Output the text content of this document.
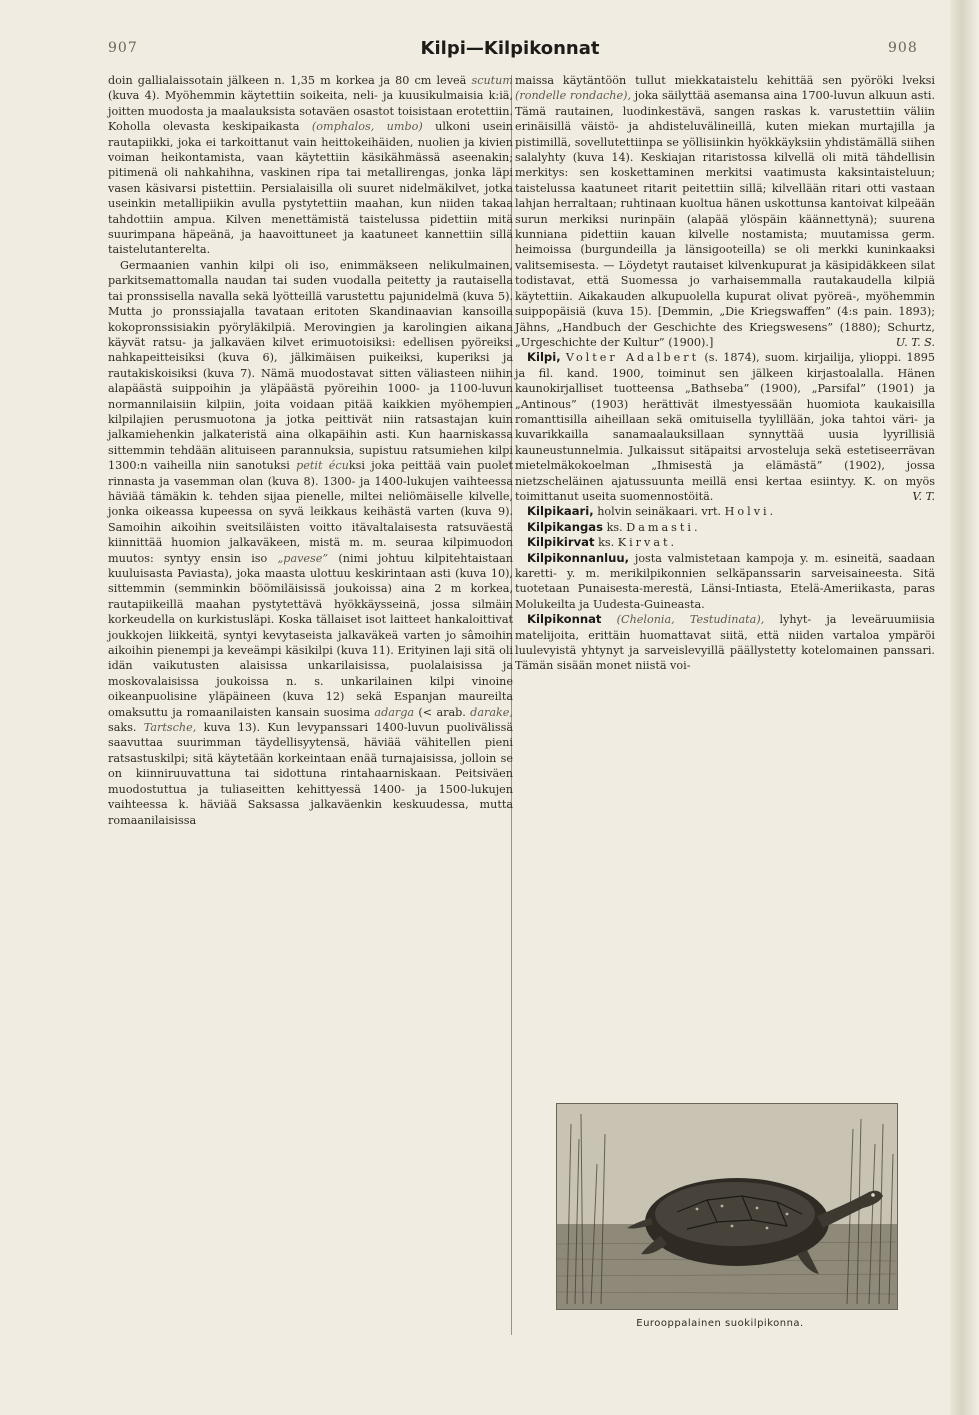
907	Kilpi—Kilpikonnat	908

doin gallialaissotain jälkeen n. 1,35 m korkea ja 80 cm leveä scutum (kuva 4). Myöhemmin käytettiin soikeita, neli- ja kuusikulmaisia k:iä, joitten muodosta ja maalauksista sotaväen osastot toisistaan erotettiin. Koholla olevasta keskipaikasta (omphalos, umbo) ulkoni usein rautapiikki, joka ei tarkoittanut vain heittokeihäiden, nuolien ja kivien voiman heikontamista, vaan käytettiin käsikähmässä aseenakin; pitimenä oli nahkahihna, vaskinen ripa tai metallirengas, jonka läpi vasen käsivarsi pistettiin. Persialaisilla oli suuret nidelmäkilvet, jotka useinkin metallipiikin avulla pystytettiin maahan, kun niiden takaa tahdottiin ampua. Kilven menettämistä taistelussa pidettiin mitä suurimpana häpeänä, ja haavoittuneet ja kaatuneet kannettiin sillä taistelutanterelta.

Germaanien vanhin kilpi oli iso, enimmäkseen nelikulmainen, parkitsemattomalla naudan tai suden vuodalla peitetty ja rautaisella tai pronssisella navalla sekä lyötteillä varustettu pajunidelmä (kuva 5). Mutta jo pronssiajalla tavataan eritoten Skandinaavian kansoilla kokopronssisiakin pyöryläkilpiä. Merovingien ja karolingien aikana käyvät ratsu- ja jalkaväen kilvet erimuotoisiksi: edellisen pyöreiksi nahkapeitteisiksi (kuva 6), jälkimäisen puikeiksi, kuperiksi ja rautakiskoisiksi (kuva 7). Nämä muodostavat sitten väliasteen niihin alapäästä suippoihin ja yläpäästä pyöreihin 1000- ja 1100-luvun normannilaisiin kilpiin, joita voidaan pitää kaikkien myöhempien kilpilajien perusmuotona ja jotka peittivät niin ratsastajan kuin jalkamiehenkin jalkateristä aina olkapäihin asti. Kun haarniskassa sittemmin tehdään alituiseen parannuksia, supistuu ratsumiehen kilpi 1300:n vaiheilla niin sanotuksi petit écuksi joka peittää vain puolet rinnasta ja vasemman olan (kuva 8). 1300- ja 1400-lukujen vaihteessa häviää tämäkin k. tehden sijaa pienelle, miltei neliömäiselle kilvelle, jonka oikeassa kupeessa on syvä leikkaus keihästä varten (kuva 9). Samoihin aikoihin sveitsiläisten voitto itävaltalaisesta ratsuväestä kiinnittää huomion jalkaväkeen, mistä m. m. seuraa kilpimuodon muutos: syntyy ensin iso „pavese” (nimi johtuu kilpitehtaistaan kuuluisasta Paviasta), joka maasta ulottuu keskirintaan asti (kuva 10), sittemmin (semminkin böömiläisissä joukoissa) aina 2 m korkea, rautapiikeillä maahan pystytettävä hyökkäysseinä, jossa silmäin korkeudella on kurkistusläpi. Koska tällaiset isot laitteet hankaloittivat joukkojen liikkeitä, syntyi kevytaseista jalkaväkeä varten jo sâmoihin aikoihin pienempi ja keveämpi käsikilpi (kuva 11). Erityinen laji sitä oli idän vaikutusten alaisissa unkarilaisissa, puolalaisissa ja moskovalaisissa joukoissa n. s. unkarilainen kilpi vinoine oikeanpuolisine yläpäineen (kuva 12) sekä Espanjan maureilta omaksuttu ja romaanilaisten kansain suosima adarga (< arab. darake, saks. Tartsche, kuva 13). Kun levypanssari 1400-luvun puolivälissä saavuttaa suurimman täydellisyytensä, häviää vähitellen pieni ratsastuskilpi; sitä käytetään korkeintaan enää turnajaisissa, jolloin se on kiinniruuvattuna tai sidottuna rintahaarniskaan. Peitsiväen muodostuttua ja tuliaseitten kehittyessä 1400- ja 1500-lukujen vaihteessa k. häviää Saksassa jalkaväenkin keskuudessa, mutta romaanilaisissa

maissa käytäntöön tullut miekkataistelu kehittää sen pyöröki lveksi (rondelle rondache), joka säilyttää asemansa aina 1700-luvun alkuun asti. Tämä rautainen, luodinkestävä, sangen raskas k. varustettiin väliin erinäisillä väistö- ja ahdisteluvälineillä, kuten miekan murtajilla ja pistimillä, sovellutettiinpa se yöllisiinkin hyökkäyksiin yhdistämällä siihen salalyhty (kuva 14). Keskiajan ritaristossa kilvellä oli mitä tähdellisin merkitys: sen koskettaminen merkitsi vaatimusta kaksintaisteluun; taistelussa kaatuneet ritarit peitettiin sillä; kilvellään ritari otti vastaan lahjan herraltaan; ruhtinaan kuoltua hänen uskottunsa kantoivat kilpeään surun merkiksi nurinpäin (alapää ylöspäin käännettynä); suurena kunniana pidettiin kauan kilvelle nostamista; muutamissa germ. heimoissa (burgundeilla ja länsigooteilla) se oli merkki kuninkaaksi valitsemisesta. — Löydetyt rautaiset kilvenkupurat ja käsipidäkkeen silat todistavat, että Suomessa jo varhaisemmalla rautakaudella kilpiä käytettiin. Aikakauden alkupuolella kupurat olivat pyöreä-, myöhemmin suippopäisiä (kuva 15). [Demmin, „Die Kriegswaffen” (4:s pain. 1893); Jähns, „Handbuch der Geschichte des Kriegswesens” (1880); Schurtz, „Urgeschichte der Kultur” (1900).]	U. T. S.

Kilpi, Volter Adalbert (s. 1874), suom. kirjailija, ylioppi. 1895 ja fil. kand. 1900, toiminut sen jälkeen kirjastoalalla. Hänen kaunokirjalliset tuotteensa „Bathseba” (1900), „Parsifal” (1901) ja „Antinous” (1903) herättivät ilmestyessään huomiota kaukaisilla romanttisilla aiheillaan sekä omituisella tyylillään, joka tahtoi väri- ja kuvarikkailla sanamaalauksillaan synnyttää uusia lyyrillisiä kauneustunnelmia. Julkaissut sitäpaitsi arvosteluja sekä estetiseerrävan mietelmäkokoelman „Ihmisestä ja elämästä” (1902), jossa nietzscheläinen ajatussuunta meillä ensi kertaa esiintyy. K. on myös toimittanut useita suomennostöitä.	V. T.

Kilpikaari, holvin seinäkaari. vrt. Holvi.

Kilpikangas ks. Damasti.

Kilpikirvat ks. Kirvat.

Kilpikonnanluu, josta valmistetaan kampoja y. m. esineitä, saadaan karetti- y. m. merikilpikonnien selkäpanssarin sarveisaineesta. Sitä tuotetaan Punaisesta-merestä, Länsi-Intiasta, Etelä-Ameriikasta, paras Molukeilta ja Uudesta-Guineasta.

Kilpikonnat (Chelonia, Testudinata), lyhyt- ja leveäruumiisia matelijoita, erittäin huomattavat siitä, että niiden vartaloa ympäröi luulevyistä yhtynyt ja sarveislevyillä päällystetty kotelomainen panssari. Tämän sisään monet niistä voi-

Eurooppalainen suokilpikonna.
